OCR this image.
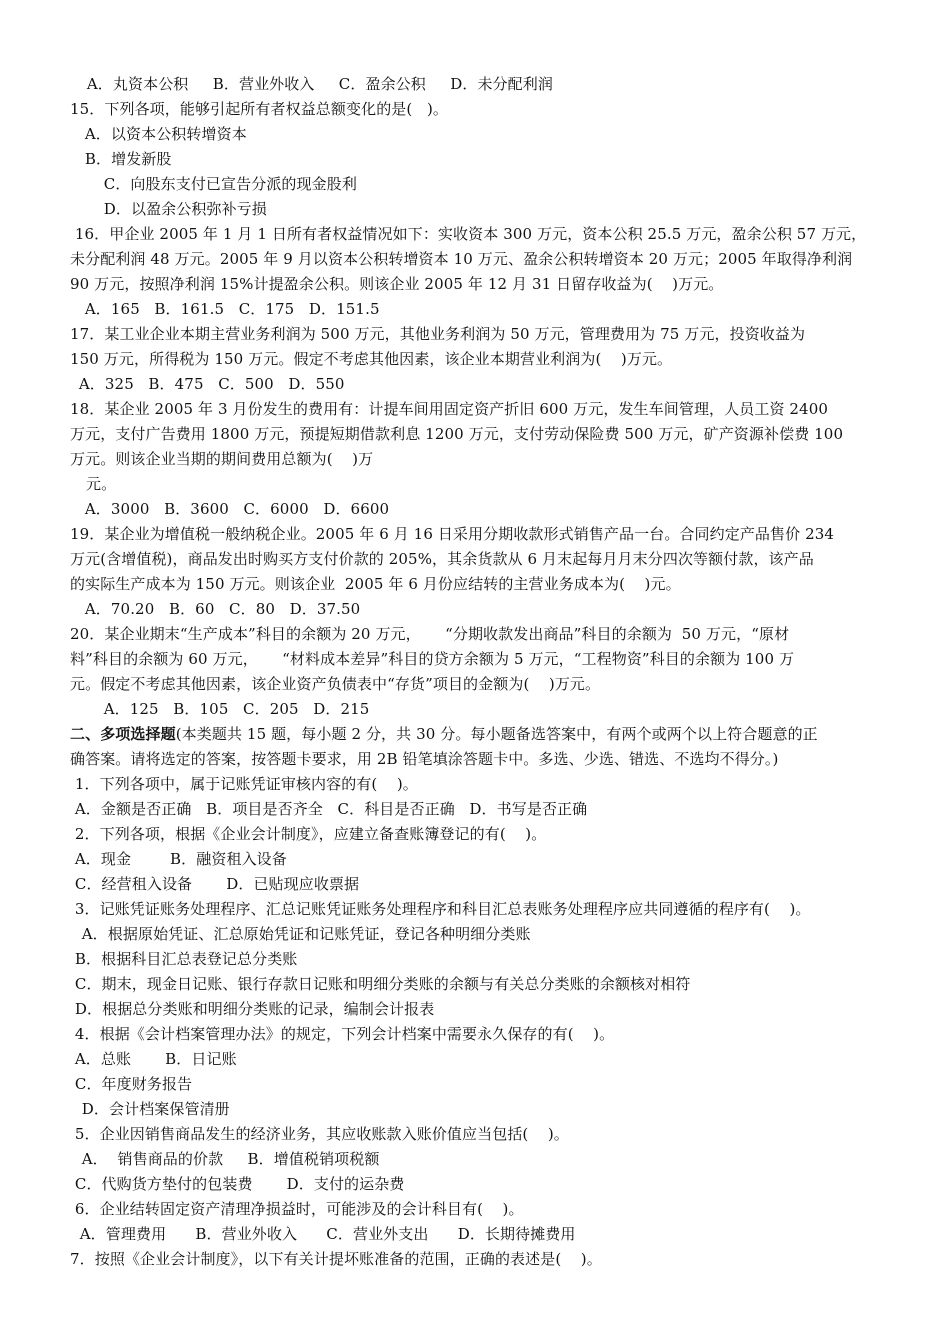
A．丸资本公积     B．营业外收入     C．盈余公积     D．未分配利润
15．下列各项，能够引起所有者权益总额变化的是(   )。
A．以资本公积转增资本
B．增发新股
C．向股东支付已宣告分派的现金股利
D．以盈余公积弥补亏损
16．甲企业 2005 年 1 月 1 日所有者权益情况如下：实收资本 300 万元，资本公积 25.5 万元，盈余公积 57 万元，
未分配利润 48 万元。2005 年 9 月以资本公积转增资本 10 万元、盈余公积转增资本 20 万元；2005 年取得净利润
90 万元，按照净利润 15%计提盈余公积。则该企业 2005 年 12 月 31 日留存收益为(    )万元。
A．165   B．161.5   C．175   D．151.5
17．某工业企业本期主营业务利润为 500 万元，其他业务利润为 50 万元，管理费用为 75 万元，投资收益为
150 万元，所得税为 150 万元。假定不考虑其他因素，该企业本期营业利润为(    )万元。
A．325   B．475   C．500   D．550
18．某企业 2005 年 3 月份发生的费用有：计提车间用固定资产折旧 600 万元，发生车间管理，人员工资 2400
万元，支付广告费用 1800 万元，预提短期借款利息 1200 万元，支付劳动保险费 500 万元，矿产资源补偿费 100
万元。则该企业当期的期间费用总额为(    )万
元。
A．3000   B．3600   C．6000   D．6600
19．某企业为增值税一般纳税企业。2005 年 6 月 16 日采用分期收款形式销售产品一台。合同约定产品售价 234
万元(含增值税)，商品发出时购买方支付价款的 205%，其余货款从 6 月末起每月月末分四次等额付款，该产品
的实际生产成本为 150 万元。则该企业  2005 年 6 月份应结转的主营业务成本为(    )元。
A．70.20   B．60   C．80   D．37.50
20．某企业期末“生产成本”科目的余额为 20 万元，     “分期收款发出商品”科目的余额为  50 万元，“原材
料”科目的余额为 60 万元，     “材料成本差异”科目的贷方余额为 5 万元，“工程物资”科目的余额为 100 万
元。假定不考虑其他因素，该企业资产负债表中“存货”项目的金额为(    )万元。
A．125   B．105   C．205   D．215
二、多项选择题(本类题共 15 题，每小题 2 分，共 30 分。每小题备选答案中，有两个或两个以上符合题意的正
确答案。请将选定的答案，按答题卡要求，用 2B 铅笔填涂答题卡中。多选、少选、错选、不选均不得分。)
1．下列各项中，属于记账凭证审核内容的有(    )。
A．金额是否正确   B．项目是否齐全   C．科目是否正确   D．书写是否正确
2．下列各项，根据《企业会计制度》，应建立备查账簿登记的有(    )。
A．现金        B．融资租入设备
C．经营租入设备       D．已贴现应收票据
3．记账凭证账务处理程序、汇总记账凭证账务处理程序和科目汇总表账务处理程序应共同遵循的程序有(    )。
A．根据原始凭证、汇总原始凭证和记账凭证，登记各种明细分类账
B．根据科目汇总表登记总分类账
C．期末，现金日记账、银行存款日记账和明细分类账的余额与有关总分类账的余额核对相符
D．根据总分类账和明细分类账的记录，编制会计报表
4．根据《会计档案管理办法》的规定，下列会计档案中需要永久保存的有(    )。
A．总账       B．日记账
C．年度财务报告
D．会计档案保管清册
5．企业因销售商品发生的经济业务，其应收账款入账价值应当包括(    )。
A．  销售商品的价款     B．增值税销项税额
C．代购货方垫付的包装费       D．支付的运杂费
6．企业结转固定资产清理净损益时，可能涉及的会计科目有(    )。
A．管理费用      B．营业外收入      C．营业外支出      D．长期待摊费用
7．按照《企业会计制度》，以下有关计提坏账准备的范围，正确的表述是(    )。
